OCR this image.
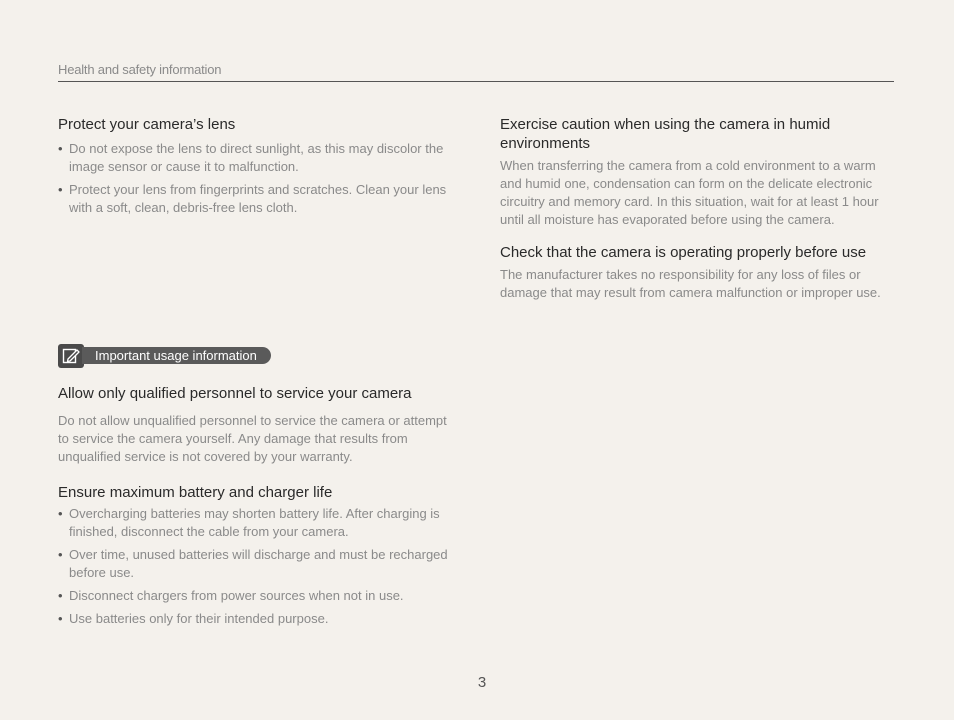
Health and safety information
Protect your camera’s lens
• Do not expose the lens to direct sunlight, as this may discolor the image sensor or cause it to malfunction.
• Protect your lens from fingerprints and scratches. Clean your lens with a soft, clean, debris-free lens cloth.
Exercise caution when using the camera in humid environments

When transferring the camera from a cold environment to a warm and humid one, condensation can form on the delicate electronic circuitry and memory card. In this situation, wait for at least 1 hour until all moisture has evaporated before using the camera.

Check that the camera is operating properly before use

The manufacturer takes no responsibility for any loss of files or damage that may result from camera malfunction or improper use.

Important usage information
Allow only qualified personnel to service your camera

Do not allow unqualified personnel to service the camera or attempt to service the camera yourself. Any damage that results from unqualified service is not covered by your warranty.

Ensure maximum battery and charger life
• Overcharging batteries may shorten battery life. After charging is finished, disconnect the cable from your camera.
• Over time, unused batteries will discharge and must be recharged before use.
• Disconnect chargers from power sources when not in use.
• Use batteries only for their intended purpose.
3
